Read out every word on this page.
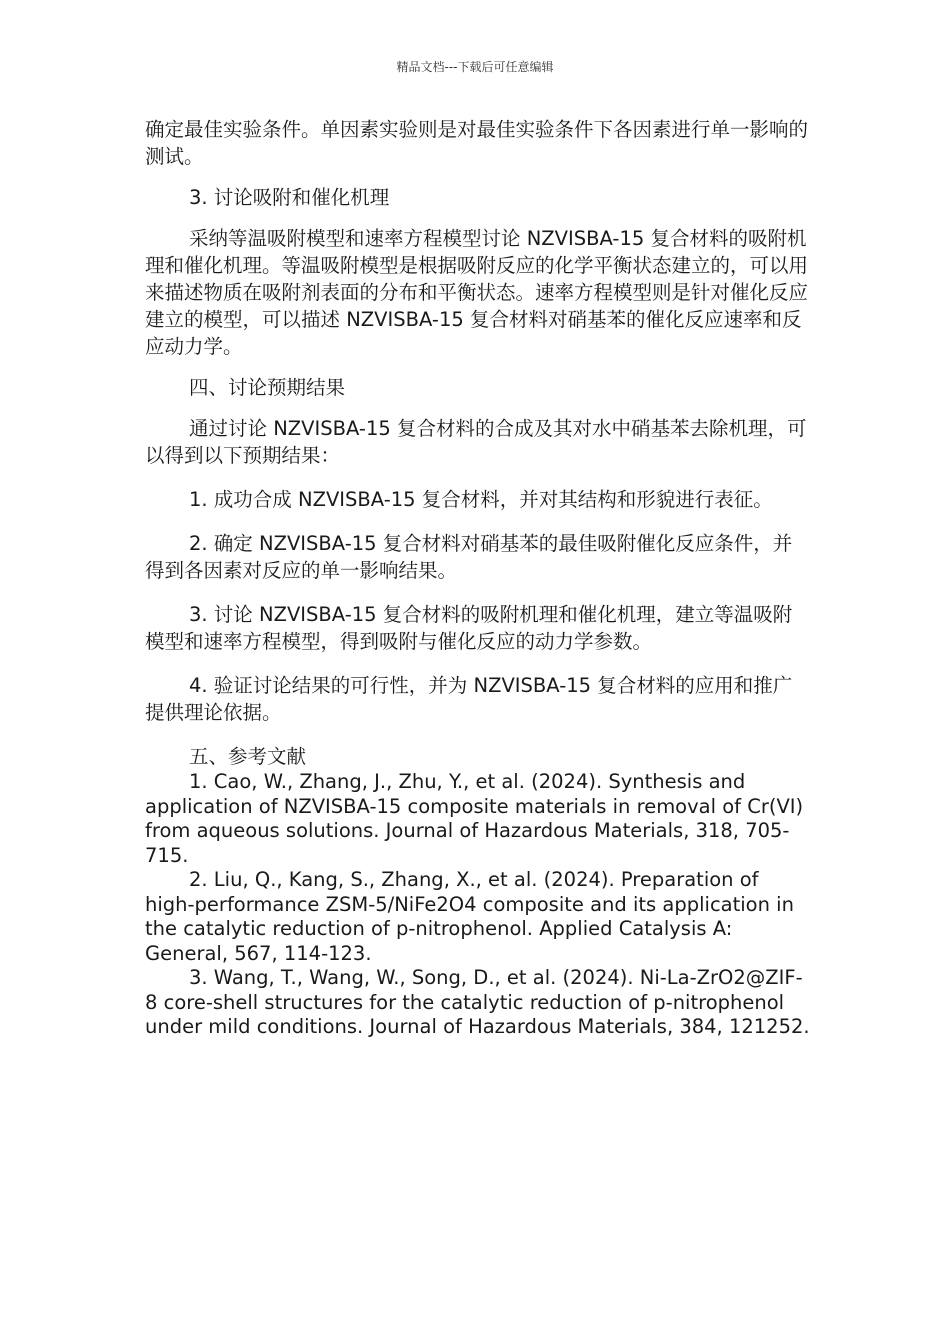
精品文档---下载后可任意编辑

确定最佳实验条件。单因素实验则是对最佳实验条件下各因素进行单一影响的测试。

3. 讨论吸附和催化机理

采纳等温吸附模型和速率方程模型讨论 NZVISBA-15 复合材料的吸附机理和催化机理。等温吸附模型是根据吸附反应的化学平衡状态建立的，可以用来描述物质在吸附剂表面的分布和平衡状态。速率方程模型则是针对催化反应建立的模型，可以描述 NZVISBA-15 复合材料对硝基苯的催化反应速率和反应动力学。

四、讨论预期结果

通过讨论 NZVISBA-15 复合材料的合成及其对水中硝基苯去除机理，可以得到以下预期结果：

1. 成功合成 NZVISBA-15 复合材料，并对其结构和形貌进行表征。

2. 确定 NZVISBA-15 复合材料对硝基苯的最佳吸附催化反应条件，并得到各因素对反应的单一影响结果。

3. 讨论 NZVISBA-15 复合材料的吸附机理和催化机理，建立等温吸附模型和速率方程模型，得到吸附与催化反应的动力学参数。

4. 验证讨论结果的可行性，并为 NZVISBA-15 复合材料的应用和推广提供理论依据。

五、参考文献

1. Cao, W., Zhang, J., Zhu, Y., et al. (2024). Synthesis and application of NZVISBA-15 composite materials in removal of Cr(VI) from aqueous solutions. Journal of Hazardous Materials, 318, 705-715.

2. Liu, Q., Kang, S., Zhang, X., et al. (2024). Preparation of high-performance ZSM-5/NiFe2O4 composite and its application in the catalytic reduction of p-nitrophenol. Applied Catalysis A: General, 567, 114-123.

3. Wang, T., Wang, W., Song, D., et al. (2024). Ni-La-ZrO2@ZIF-8 core-shell structures for the catalytic reduction of p-nitrophenol under mild conditions. Journal of Hazardous Materials, 384, 121252.
